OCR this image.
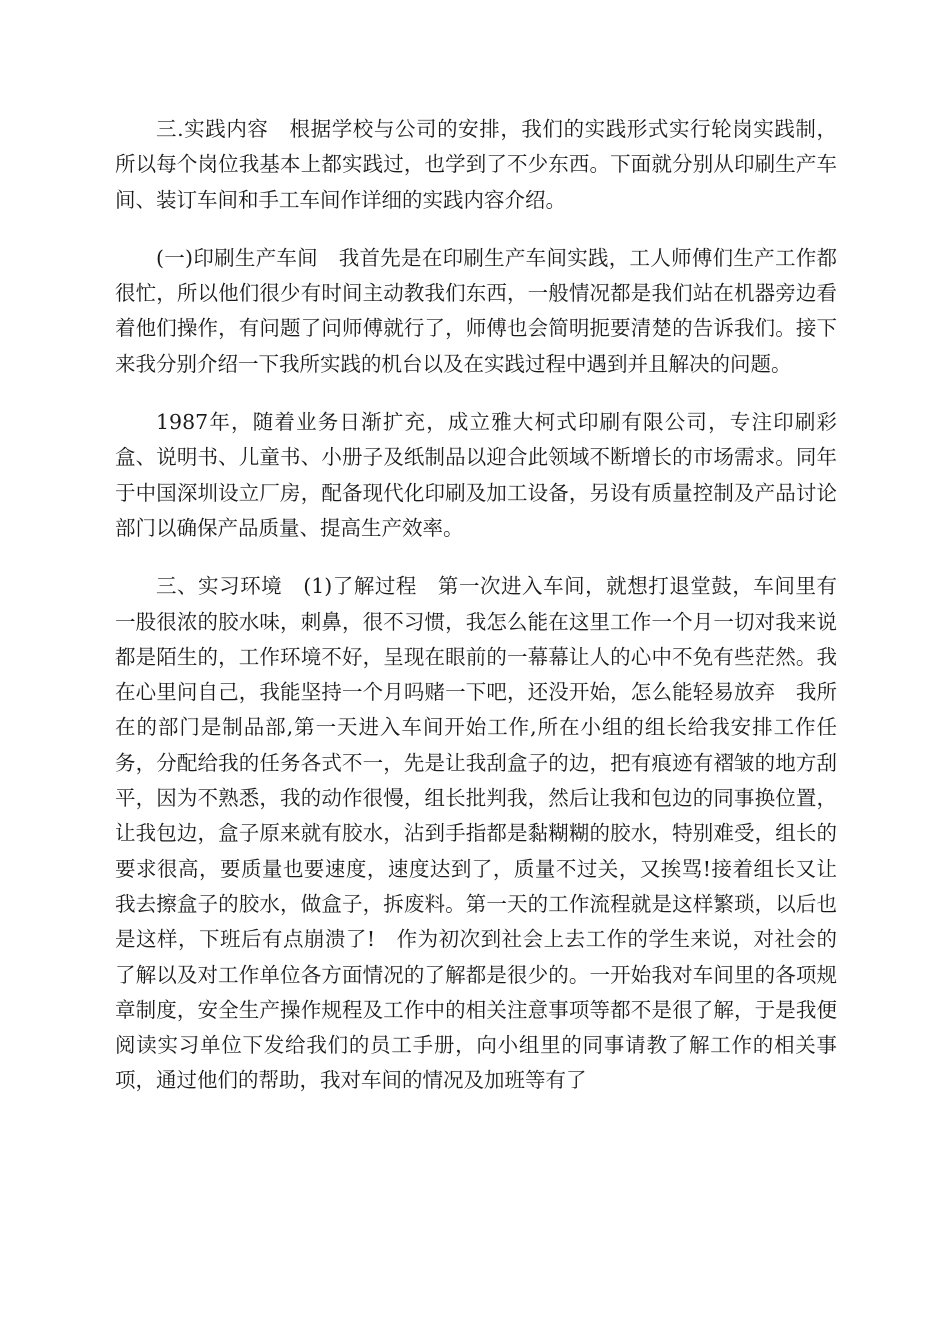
三.实践内容　根据学校与公司的安排，我们的实践形式实行轮岗实践制，所以每个岗位我基本上都实践过，也学到了不少东西。下面就分别从印刷生产车间、装订车间和手工车间作详细的实践内容介绍。

(一)印刷生产车间　我首先是在印刷生产车间实践，工人师傅们生产工作都很忙，所以他们很少有时间主动教我们东西，一般情况都是我们站在机器旁边看着他们操作，有问题了问师傅就行了，师傅也会简明扼要清楚的告诉我们。接下来我分别介绍一下我所实践的机台以及在实践过程中遇到并且解决的问题。

1987年，随着业务日渐扩充，成立雅大柯式印刷有限公司，专注印刷彩盒、说明书、儿童书、小册子及纸制品以迎合此领域不断增长的市场需求。同年于中国深圳设立厂房，配备现代化印刷及加工设备，另设有质量控制及产品讨论部门以确保产品质量、提高生产效率。

三、实习环境　(1)了解过程　第一次进入车间，就想打退堂鼓，车间里有一股很浓的胶水味，刺鼻，很不习惯，我怎么能在这里工作一个月一切对我来说都是陌生的，工作环境不好，呈现在眼前的一幕幕让人的心中不免有些茫然。我在心里问自己，我能坚持一个月吗赌一下吧，还没开始，怎么能轻易放弃　我所在的部门是制品部,第一天进入车间开始工作,所在小组的组长给我安排工作任务，分配给我的任务各式不一，先是让我刮盒子的边，把有痕迹有褶皱的地方刮平，因为不熟悉，我的动作很慢，组长批判我，然后让我和包边的同事换位置，让我包边，盒子原来就有胶水，沾到手指都是黏糊糊的胶水，特别难受，组长的要求很高，要质量也要速度，速度达到了，质量不过关，又挨骂!接着组长又让我去擦盒子的胶水，做盒子，拆废料。第一天的工作流程就是这样繁琐，以后也是这样，下班后有点崩溃了!　作为初次到社会上去工作的学生来说，对社会的了解以及对工作单位各方面情况的了解都是很少的。一开始我对车间里的各项规章制度，安全生产操作规程及工作中的相关注意事项等都不是很了解，于是我便阅读实习单位下发给我们的员工手册，向小组里的同事请教了解工作的相关事项，通过他们的帮助，我对车间的情况及加班等有了
